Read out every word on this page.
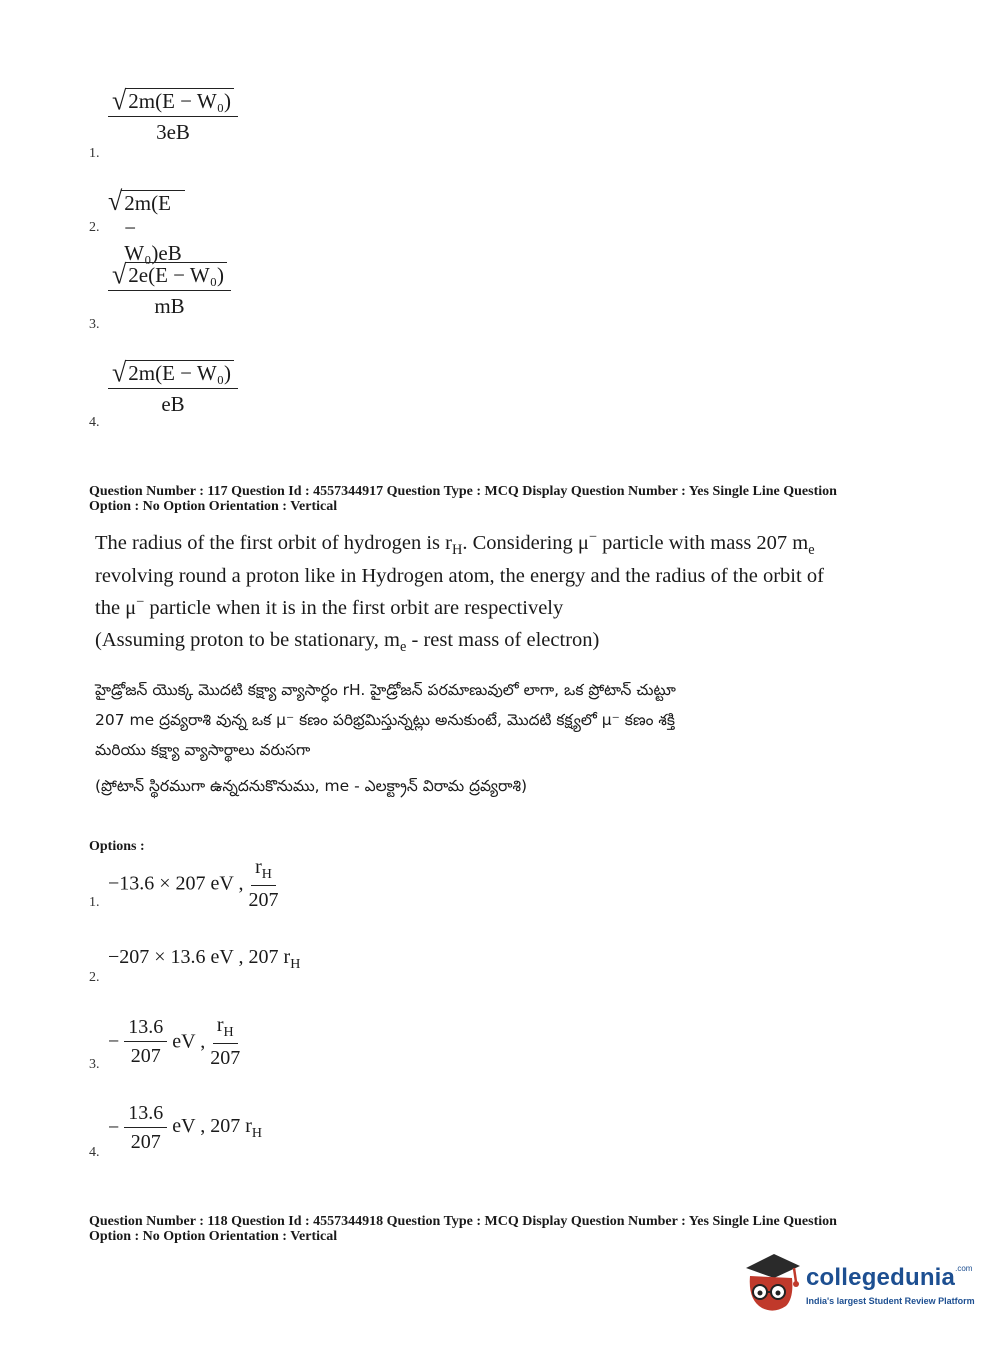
1.
$\frac{\text{√ 2m(E − W₀)}}{3eB}$
2.
√ 2m(E − W₀)eB
3.
$\frac{\text{√ 2e(E − W₀)}}{mB}$
4.
$\frac{\text{√ 2m(E − W₀)}}{eB}$
Question Number : 117 Question Id : 4557344917 Question Type : MCQ Display Question Number : Yes Single Line Question
Option : No Option Orientation : Vertical
The radius of the first orbit of hydrogen is $r_H$. Considering μ− particle with mass 207 $m_e$
revolving round a proton like in Hydrogen atom, the energy and the radius of the orbit of
the μ− particle when it is in the first orbit are respectively
(Assuming proton to be stationary, $m_e$ - rest mass of electron)
హైడ్రోజన్ యొక్క మొదటి కక్ష్యా వ్యాసార్ధం rH. హైడ్రోజన్ పరమాణువులో లాగా, ఒక ప్రోటాన్ చుట్టూ
207 me ద్రవ్యరాశి వున్న ఒక μ⁻ కణం పరిభ్రమిస్తున్నట్లు అనుకుంటే, మొదటి కక్ష్యలో μ⁻ కణం శక్తి
మరియు కక్ష్యా వ్యాసార్థాలు వరుసగా
(ప్రోటాన్ స్థిరముగా ఉన్నదనుకొనుము, me - ఎలక్ట్రాన్ విరామ ద్రవ్యరాశి)
Options :
1.
−13.6 × 207 eV , $\frac{r_H}{207}$
2.
−207 × 13.6 eV , 207 $r_H$
3.
− $\frac{13.6}{207}$ eV , $\frac{r_H}{207}$
4.
− $\frac{13.6}{207}$ eV , 207 $r_H$
Question Number : 118 Question Id : 4557344918 Question Type : MCQ Display Question Number : Yes Single Line Question
Option : No Option Orientation : Vertical
collegedunia$^{.com}$
India's largest Student Review Platform
